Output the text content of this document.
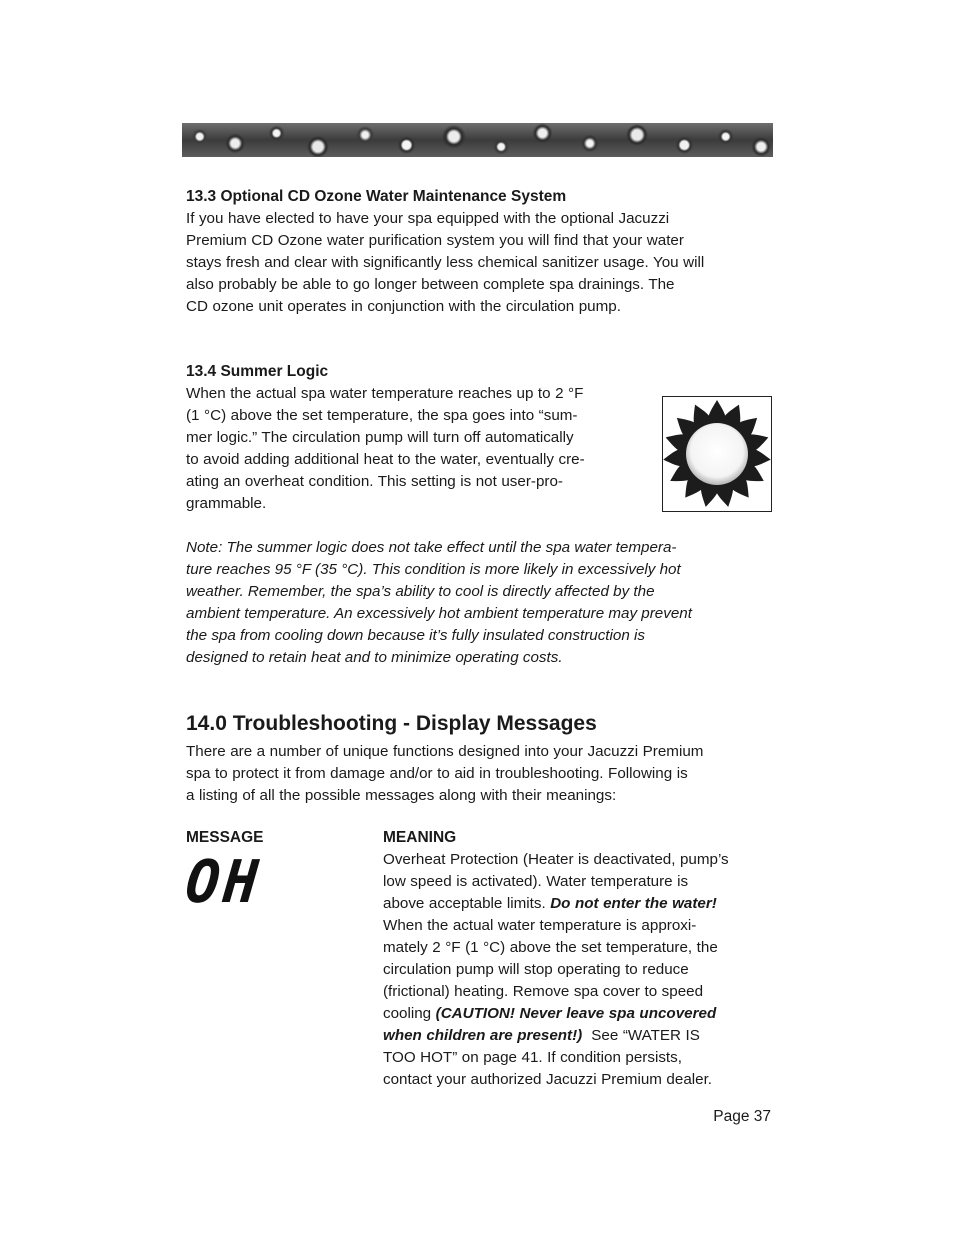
13.3 Optional CD Ozone Water Maintenance System

If you have elected to have your spa equipped with the optional Jacuzzi

Premium CD Ozone water purification system you will find that your water

stays fresh and clear with significantly less chemical sanitizer usage. You will

also probably be able to go longer between complete spa drainings. The

CD ozone unit operates in conjunction with the circulation pump.

13.4 Summer Logic

When the actual spa water temperature reaches up to 2 °F

(1 °C) above the set temperature, the spa goes into “sum-

mer logic.” The circulation pump will turn off automatically

to avoid adding additional heat to the water, eventually cre-

ating an overheat condition. This setting is not user-pro-

grammable.

Note: The summer logic does not take effect until the spa water tempera-

ture reaches 95 °F (35 °C). This condition is more likely in excessively hot

weather. Remember, the spa’s ability to cool is directly affected by the

ambient temperature. An excessively hot ambient temperature may prevent

the spa from cooling down because it’s fully insulated construction is

designed to retain heat and to minimize operating costs.

14.0 Troubleshooting - Display Messages

There are a number of unique functions designed into your Jacuzzi Premium

spa to protect it from damage and/or to aid in troubleshooting. Following is

a listing of all the possible messages along with their meanings:

MESSAGE

OH

MEANING

Overheat Protection (Heater is deactivated, pump’s

low speed is activated). Water temperature is

above acceptable limits. Do not enter the water!

When the actual water temperature is approxi-

mately 2 °F (1 °C) above the set temperature, the

circulation pump will stop operating to reduce

(frictional) heating. Remove spa cover to speed

cooling (CAUTION! Never leave spa uncovered

when children are present!)  See “WATER IS

TOO HOT” on page 41. If condition persists,

contact your authorized Jacuzzi Premium dealer.

Page 37
